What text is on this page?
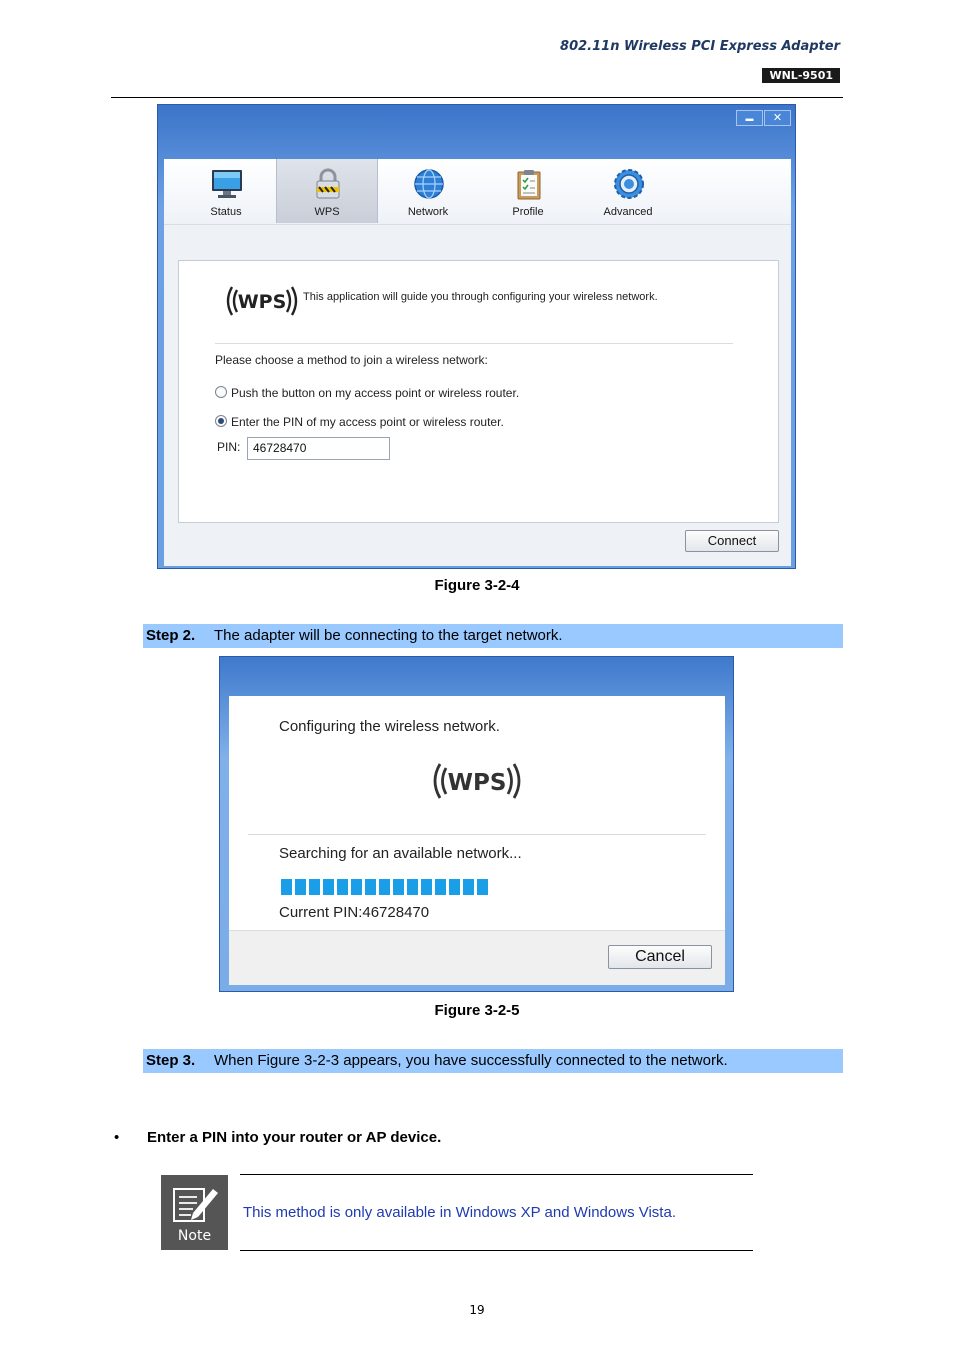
802.11n Wireless PCI Express Adapter
WNL-9501
▬	✕
Status	WPS	Network	Profile	Advanced
WPS This application will guide you through configuring your wireless network.
Please choose a method to join a wireless network:
Push the button on my access point or wireless router.
Enter the PIN of my access point or wireless router.
PIN:	46728470
Connect
Figure 3-2-4
Step 2. The adapter will be connecting to the target network.
Configuring the wireless network.
WPS
Searching for an available network...
Current PIN:46728470
Cancel
Figure 3-2-5
Step 3. When Figure 3-2-3 appears, you have successfully connected to the network.
• Enter a PIN into your router or AP device.
Note
This method is only available in Windows XP and Windows Vista.
19
